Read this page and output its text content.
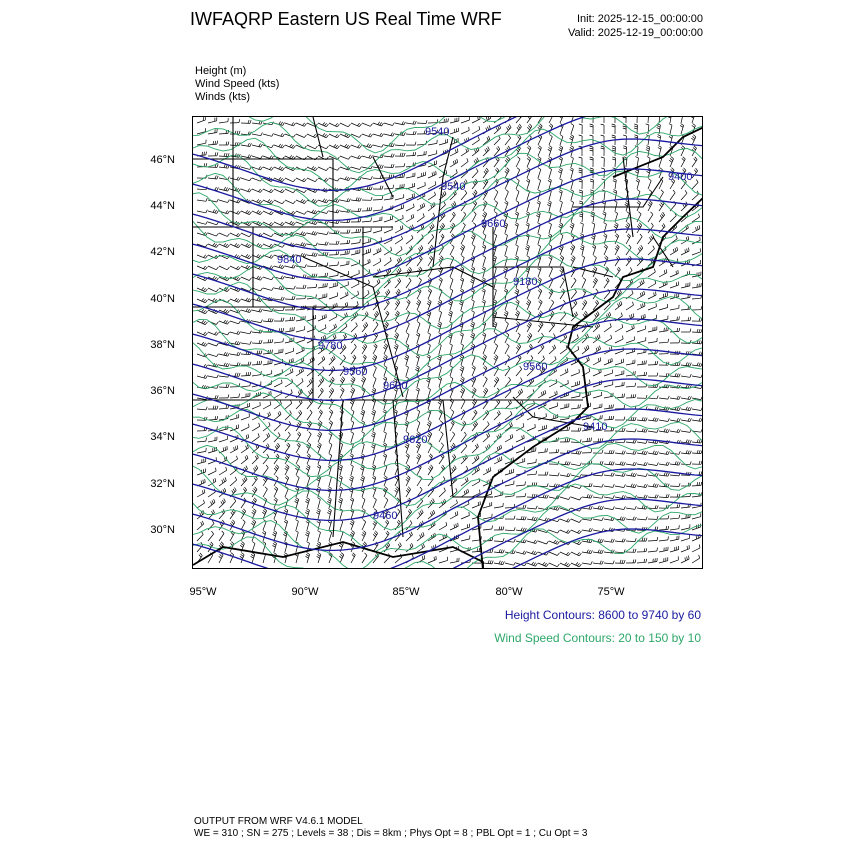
IWFAQRP Eastern US Real Time WRF	Init: 2025-12-15_00:00:00
Valid: 2025-12-19_00:00:00
Height (m)
Wind Speed (kts)
Winds (kts)
9540
9540
9660
9840
9780
9180
9560
9600
9560
9620
9410
9460
9400
46°N
44°N
42°N
40°N
38°N
36°N
34°N
32°N
30°N
95°W	90°W	85°W	80°W	75°W
Height Contours: 8600 to 9740 by 60
Wind Speed Contours: 20 to 150 by 10
OUTPUT FROM WRF V4.6.1 MODEL
WE = 310 ; SN = 275 ; Levels = 38 ; Dis = 8km ; Phys Opt = 8 ; PBL Opt = 1 ; Cu Opt = 3
